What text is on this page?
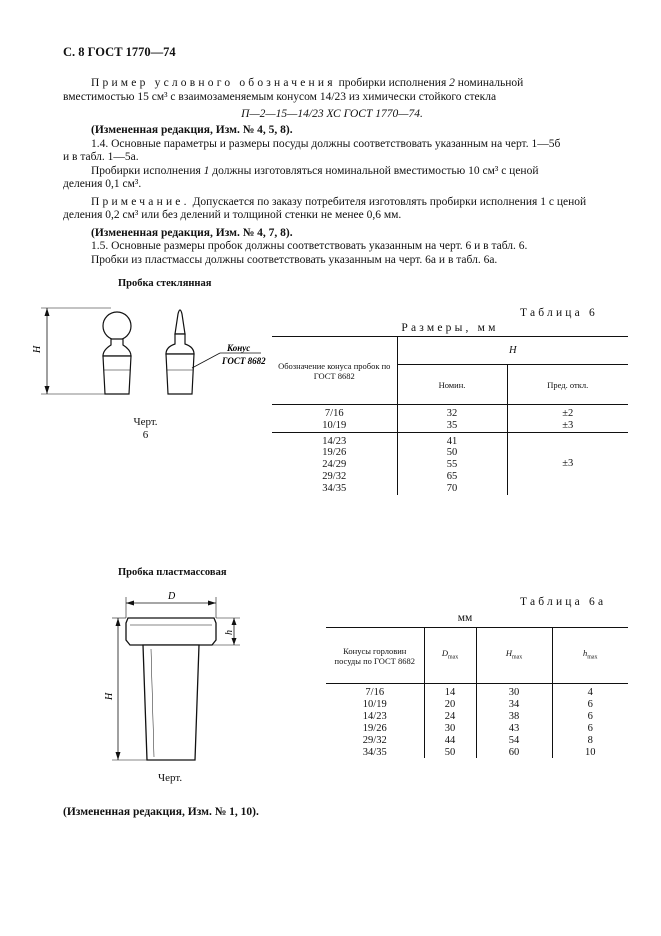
С. 8 ГОСТ 1770—74
Пример условного обозначения пробирки исполнения 2 номинальной
вместимостью 15 см³ с взаимозаменяемым конусом 14/23 из химически стойкого стекла
П—2—15—14/23 ХС ГОСТ 1770—74.
(Измененная редакция, Изм. № 4, 5, 8).
1.4. Основные параметры и размеры посуды должны соответствовать указанным на черт. 1—5б
и в табл. 1—5а.
Пробирки исполнения 1 должны изготовляться номинальной вместимостью 10 см³ с ценой
деления 0,1 см³.
Примечание. Допускается по заказу потребителя изготовлять пробирки исполнения 1 с ценой
деления 0,2 см³ или без делений и толщиной стенки не менее 0,6 мм.
(Измененная редакция, Изм. № 4, 7, 8).
1.5. Основные размеры пробок должны соответствовать указанным на черт. 6 и в табл. 6.
Пробки из пластмассы должны соответствовать указанным на черт. 6а и в табл. 6а.
Пробка стеклянная
H	Конус
ГОСТ 8682
Черт.
6
Таблица 6
Размеры, мм
Обозначение конуса пробок по ГОСТ 8682	H	
	Номин.	Пред. откл.
7/16	32	±2
10/19	35	±3
14/23	41	±3
19/26	50	
24/29	55	
29/32	65	
34/35	70	
Пробка пластмассовая
D
h
H
Черт.
Таблица 6а
мм
Конусы горловин посуды по ГОСТ 8682	$D_{max}$	$H_{max}$	$h_{max}$
7/16	14	30	4
10/19	20	34	6
14/23	24	38	6
19/26	30	43	6
29/32	44	54	8
34/35	50	60	10
(Измененная редакция, Изм. № 1, 10).
